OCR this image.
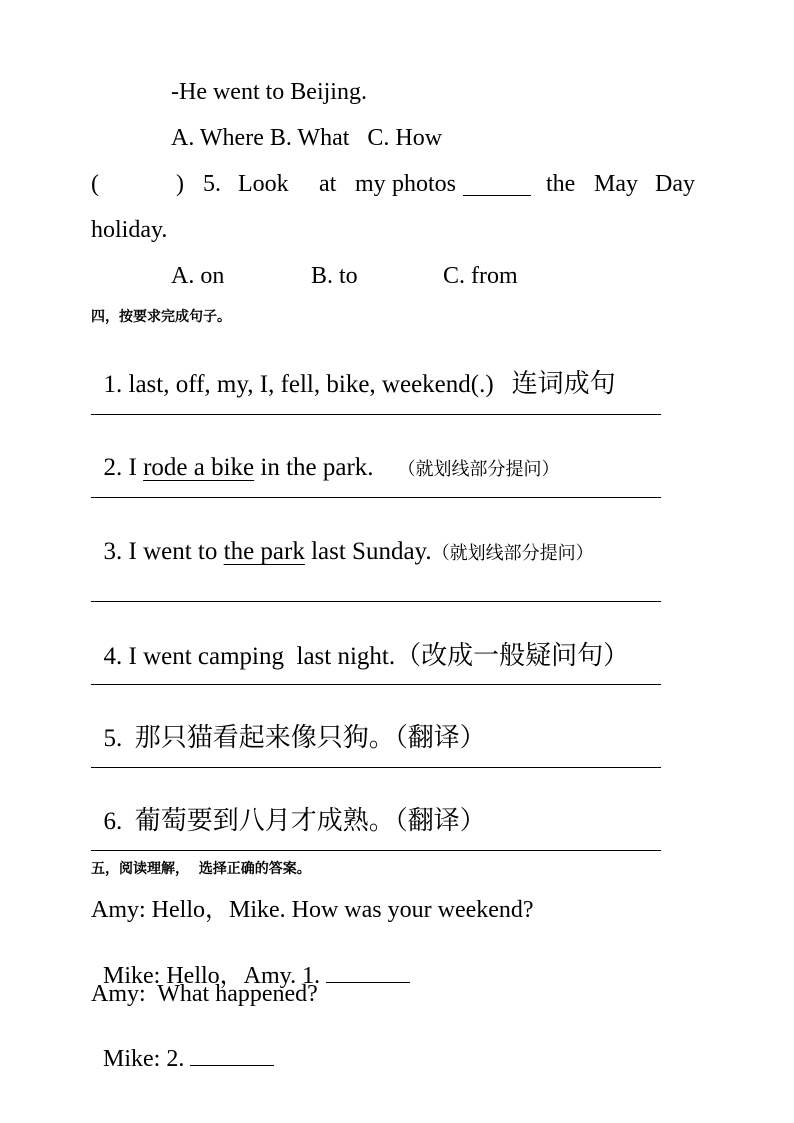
-He went to Beijing.
A. Where B. What   C. How
(	) 5. Look at my photos	the May Day
holiday.
A. on	B. to	C. from
四，按要求完成句子。

1. last, off, my, I, fell, bike, weekend(.) 连词成句

2. I rode a bike in the park. （就划线部分提问）

3. I went to the park last Sunday.（就划线部分提问）

4. I went camping  last night.（改成一般疑问句）

5.  那只猫看起来像只狗。（翻译）

6.  葡萄要到八月才成熟。（翻译）

五，阅读理解，  选择正确的答案。
Amy: Hello，Mike. How was your weekend?

Mike: Hello，Amy. 1.

Amy:  What happened?

Mike: 2.
